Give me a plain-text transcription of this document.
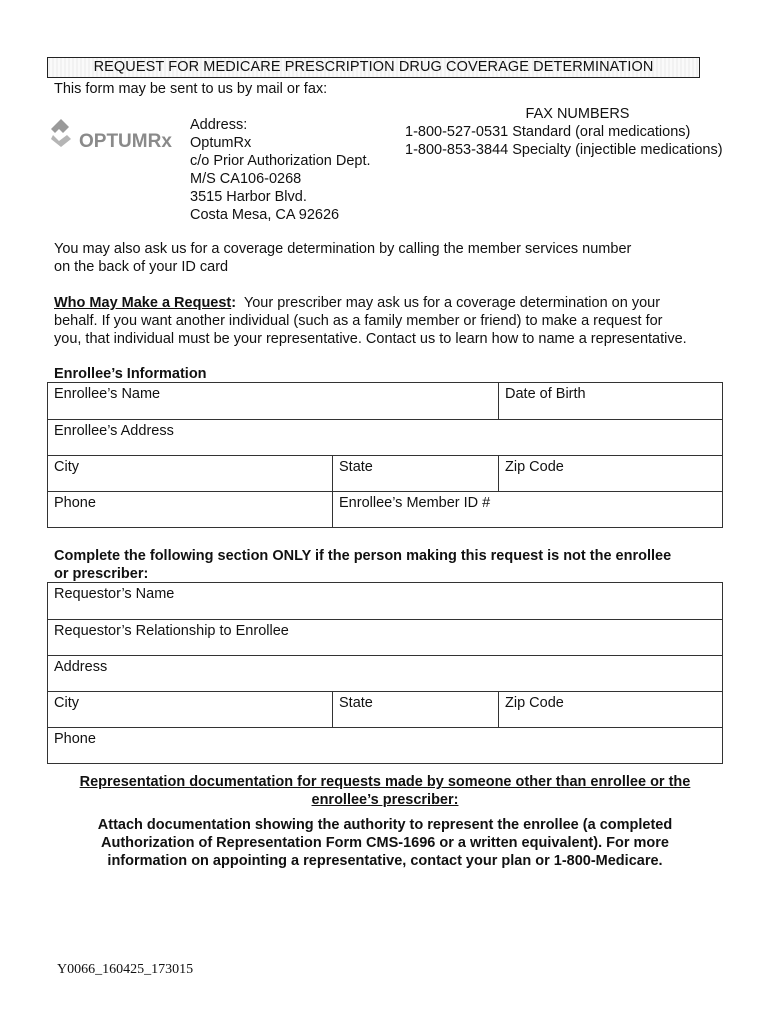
REQUEST FOR MEDICARE PRESCRIPTION DRUG COVERAGE DETERMINATION
This form may be sent to us by mail or fax:
OPTUMRx
Address:
OptumRx
c/o Prior Authorization Dept.
M/S CA106-0268
3515 Harbor Blvd.
Costa Mesa, CA 92626
FAX NUMBERS
1-800-527-0531 Standard (oral medications)
1-800-853-3844 Specialty (injectible medications)
You may also ask us for a coverage determination by calling the member services number
on the back of your ID card
Who May Make a Request:  Your prescriber may ask us for a coverage determination on your
behalf. If you want another individual (such as a family member or friend) to make a request for
you, that individual must be your representative. Contact us to learn how to name a representative.
Enrollee’s Information
Enrollee’s Name	Date of Birth
Enrollee’s Address
City	State	Zip Code
Phone	Enrollee’s Member ID #
Complete the following section ONLY if the person making this request is not the enrollee
or prescriber:
Requestor’s Name
Requestor’s Relationship to Enrollee
Address
City	State	Zip Code
Phone
Representation documentation for requests made by someone other than enrollee or the
enrollee’s prescriber:
Attach documentation showing the authority to represent the enrollee (a completed
Authorization of Representation Form CMS-1696 or a written equivalent). For more
information on appointing a representative, contact your plan or 1-800-Medicare.
Y0066_160425_173015
